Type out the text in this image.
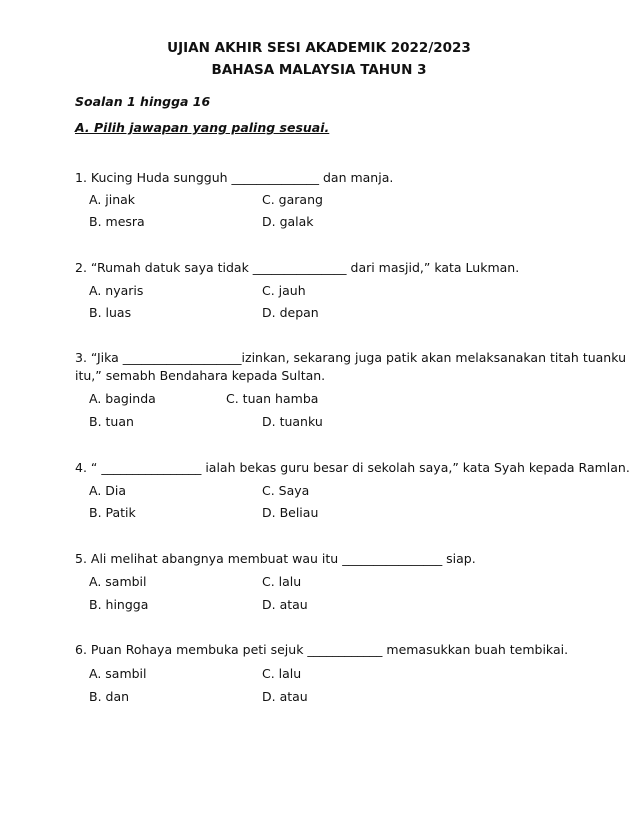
UJIAN AKHIR SESI AKADEMIK 2022/2023
BAHASA MALAYSIA TAHUN 3
Soalan 1 hingga 16
A. Pilih jawapan yang paling sesuai.
1. Kucing Huda sungguh ______________ dan manja.
A. jinak	C. garang
B. mesra	D. galak
2. “Rumah datuk saya tidak _______________ dari masjid,” kata Lukman.
A. nyaris	C. jauh
B. luas	D. depan
3. “Jika ___________________izinkan, sekarang juga patik akan melaksanakan titah tuanku
itu,” semabh Bendahara kepada Sultan.
A. baginda	C. tuan hamba
B. tuan	D. tuanku
4. “ ________________ ialah bekas guru besar di sekolah saya,” kata Syah kepada Ramlan.
A. Dia	C. Saya
B. Patik	D. Beliau
5. Ali melihat abangnya membuat wau itu ________________ siap.
A. sambil	C. lalu
B. hingga	D. atau
6. Puan Rohaya membuka peti sejuk ____________ memasukkan buah tembikai.
A. sambil	C. lalu
B. dan	D. atau
